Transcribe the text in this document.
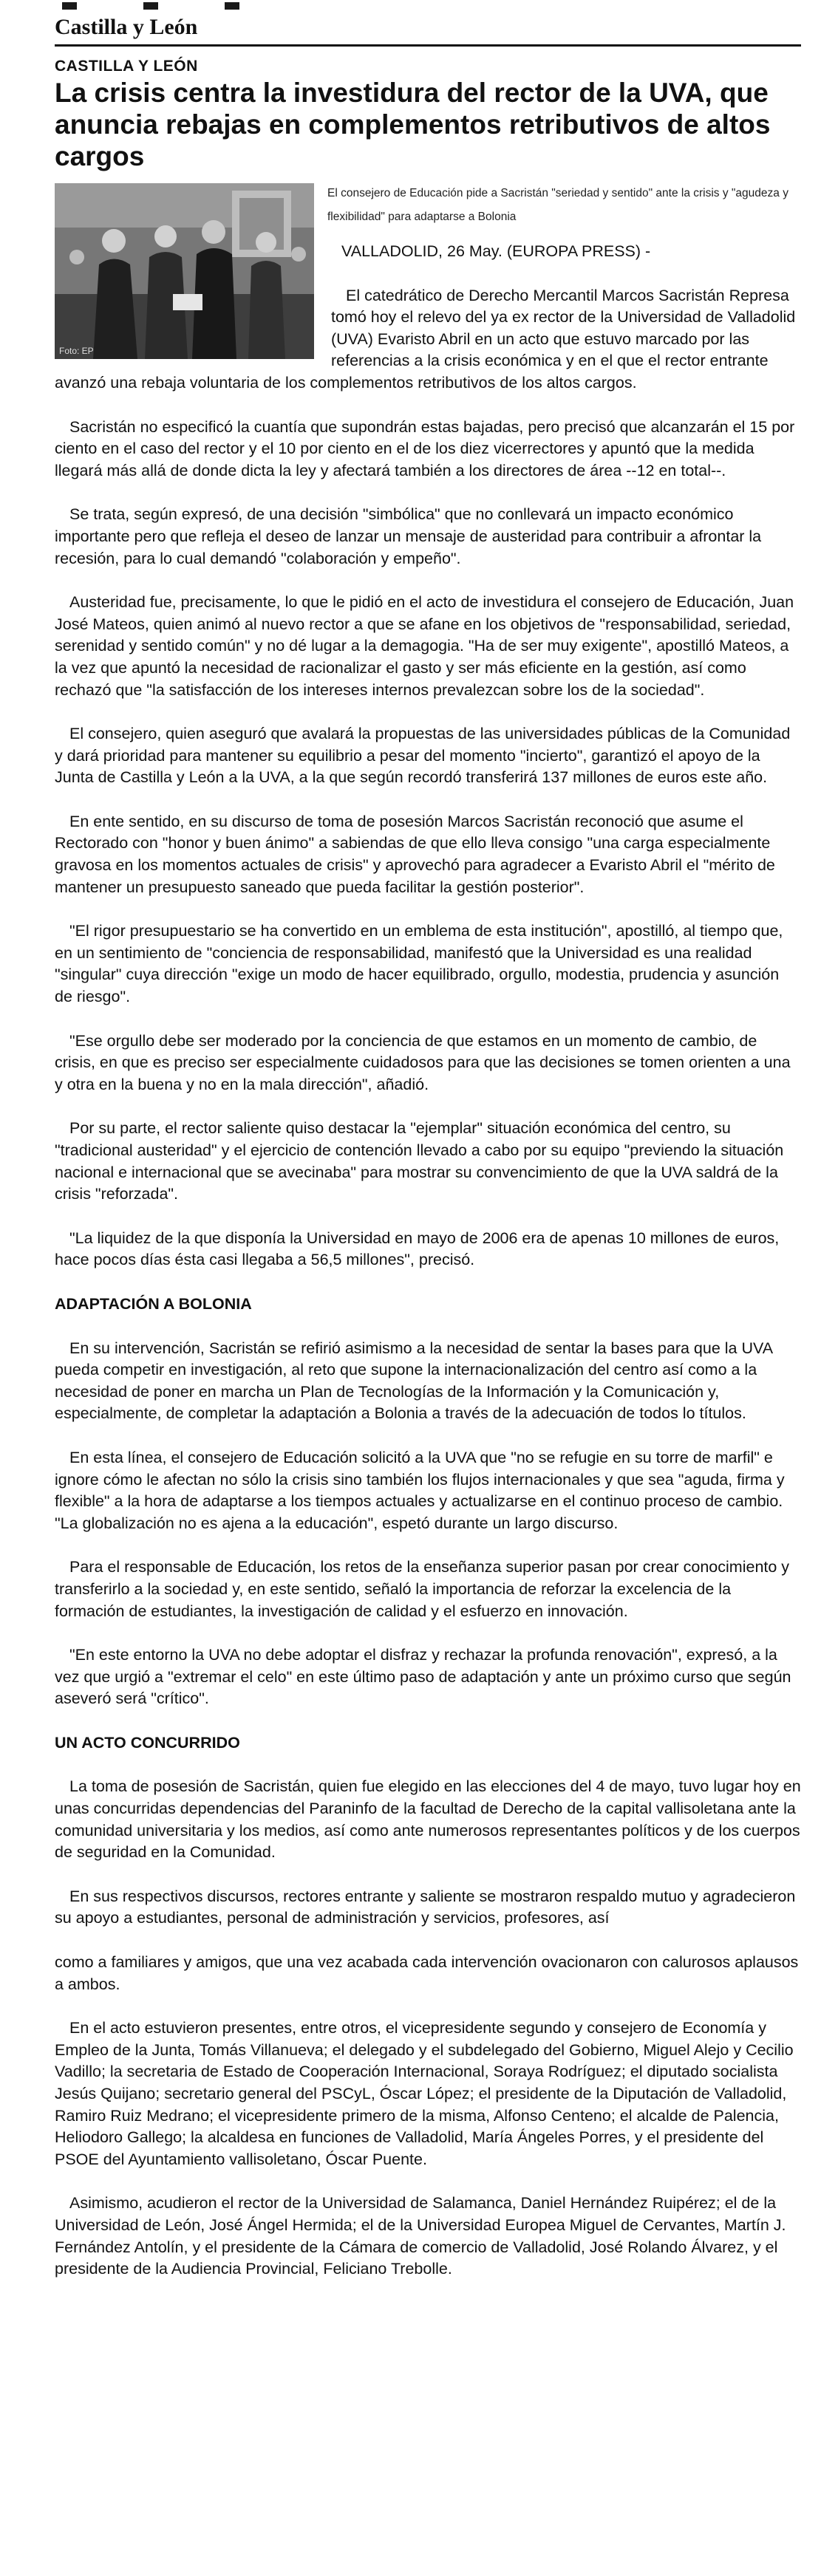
Castilla y León
CASTILLA Y LEÓN
La crisis centra la investidura del rector de la UVA, que anuncia rebajas en complementos retributivos de altos cargos
Foto: EP
El consejero de Educación pide a Sacristán "seriedad y sentido" ante la crisis y "agudeza y flexibilidad" para adaptarse a Bolonia

VALLADOLID, 26 May. (EUROPA PRESS) -

El catedrático de Derecho Mercantil Marcos Sacristán Represa tomó hoy el relevo del ya ex rector de la Universidad de Valladolid (UVA) Evaristo Abril en un acto que estuvo marcado por las referencias a la crisis económica y en el que el rector entrante avanzó una rebaja voluntaria de los complementos retributivos de los altos cargos.

Sacristán no especificó la cuantía que supondrán estas bajadas, pero precisó que alcanzarán el 15 por ciento en el caso del rector y el 10 por ciento en el de los diez vicerrectores y apuntó que la medida llegará más allá de donde dicta la ley y afectará también a los directores de área --12 en total--.

Se trata, según expresó, de una decisión "simbólica" que no conllevará un impacto económico importante pero que refleja el deseo de lanzar un mensaje de austeridad para contribuir a afrontar la recesión, para lo cual demandó "colaboración y empeño".

Austeridad fue, precisamente, lo que le pidió en el acto de investidura el consejero de Educación, Juan José Mateos, quien animó al nuevo rector a que se afane en los objetivos de "responsabilidad, seriedad, serenidad y sentido común" y no dé lugar a la demagogia. "Ha de ser muy exigente", apostilló Mateos, a la vez que apuntó la necesidad de racionalizar el gasto y ser más eficiente en la gestión, así como rechazó que "la satisfacción de los intereses internos prevalezcan sobre los de la sociedad".

El consejero, quien aseguró que avalará la propuestas de las universidades públicas de la Comunidad y dará prioridad para mantener su equilibrio a pesar del momento "incierto", garantizó el apoyo de la Junta de Castilla y León a la UVA, a la que según recordó transferirá 137 millones de euros este año.

En ente sentido, en su discurso de toma de posesión Marcos Sacristán reconoció que asume el Rectorado con "honor y buen ánimo" a sabiendas de que ello lleva consigo "una carga especialmente gravosa en los momentos actuales de crisis" y aprovechó para agradecer a Evaristo Abril el "mérito de mantener un presupuesto saneado que pueda facilitar la gestión posterior".

"El rigor presupuestario se ha convertido en un emblema de esta institución", apostilló, al tiempo que, en un sentimiento de "conciencia de responsabilidad, manifestó que la Universidad es una realidad "singular" cuya dirección "exige un modo de hacer equilibrado, orgullo, modestia, prudencia y asunción de riesgo".

"Ese orgullo debe ser moderado por la conciencia de que estamos en un momento de cambio, de crisis, en que es preciso ser especialmente cuidadosos para que las decisiones se tomen orienten a una y otra en la buena y no en la mala dirección", añadió.

Por su parte, el rector saliente quiso destacar la "ejemplar" situación económica del centro, su "tradicional austeridad" y el ejercicio de contención llevado a cabo por su equipo "previendo la situación nacional e internacional que se avecinaba" para mostrar su convencimiento de que la UVA saldrá de la crisis "reforzada".

"La liquidez de la que disponía la Universidad en mayo de 2006 era de apenas 10 millones de euros, hace pocos días ésta casi llegaba a 56,5 millones", precisó.

ADAPTACIÓN A BOLONIA

En su intervención, Sacristán se refirió asimismo a la necesidad de sentar la bases para que la UVA pueda competir en investigación, al reto que supone la internacionalización del centro así como a la necesidad de poner en marcha un Plan de Tecnologías de la Información y la Comunicación y, especialmente, de completar la adaptación a Bolonia a través de la adecuación de todos lo títulos.

En esta línea, el consejero de Educación solicitó a la UVA que "no se refugie en su torre de marfil" e ignore cómo le afectan no sólo la crisis sino también los flujos internacionales y que sea "aguda, firma y flexible" a la hora de adaptarse a los tiempos actuales y actualizarse en el continuo proceso de cambio. "La globalización no es ajena a la educación", espetó durante un largo discurso.

Para el responsable de Educación, los retos de la enseñanza superior pasan por crear conocimiento y transferirlo a la sociedad y, en este sentido, señaló la importancia de reforzar la excelencia de la formación de estudiantes, la investigación de calidad y el esfuerzo en innovación.

"En este entorno la UVA no debe adoptar el disfraz y rechazar la profunda renovación", expresó, a la vez que urgió a "extremar el celo" en este último paso de adaptación y ante un próximo curso que según aseveró será "crítico".

UN ACTO CONCURRIDO

La toma de posesión de Sacristán, quien fue elegido en las elecciones del 4 de mayo, tuvo lugar hoy en unas concurridas dependencias del Paraninfo de la facultad de Derecho de la capital vallisoletana ante la comunidad universitaria y los medios, así como ante numerosos representantes políticos y de los cuerpos de seguridad en la Comunidad.

En sus respectivos discursos, rectores entrante y saliente se mostraron respaldo mutuo y agradecieron su apoyo a estudiantes, personal de administración y servicios, profesores, así

como a familiares y amigos, que una vez acabada cada intervención ovacionaron con calurosos aplausos a ambos.

En el acto estuvieron presentes, entre otros, el vicepresidente segundo y consejero de Economía y Empleo de la Junta, Tomás Villanueva; el delegado y el subdelegado del Gobierno, Miguel Alejo y Cecilio Vadillo; la secretaria de Estado de Cooperación Internacional, Soraya Rodríguez; el diputado socialista Jesús Quijano; secretario general del PSCyL, Óscar López; el presidente de la Diputación de Valladolid, Ramiro Ruiz Medrano; el vicepresidente primero de la misma, Alfonso Centeno; el alcalde de Palencia, Heliodoro Gallego; la alcaldesa en funciones de Valladolid, María Ángeles Porres, y el presidente del PSOE del Ayuntamiento vallisoletano, Óscar Puente.

Asimismo, acudieron el rector de la Universidad de Salamanca, Daniel Hernández Ruipérez; el de la Universidad de León, José Ángel Hermida; el de la Universidad Europea Miguel de Cervantes, Martín J. Fernández Antolín, y el presidente de la Cámara de comercio de Valladolid, José Rolando Álvarez, y el presidente de la Audiencia Provincial, Feliciano Trebolle.
